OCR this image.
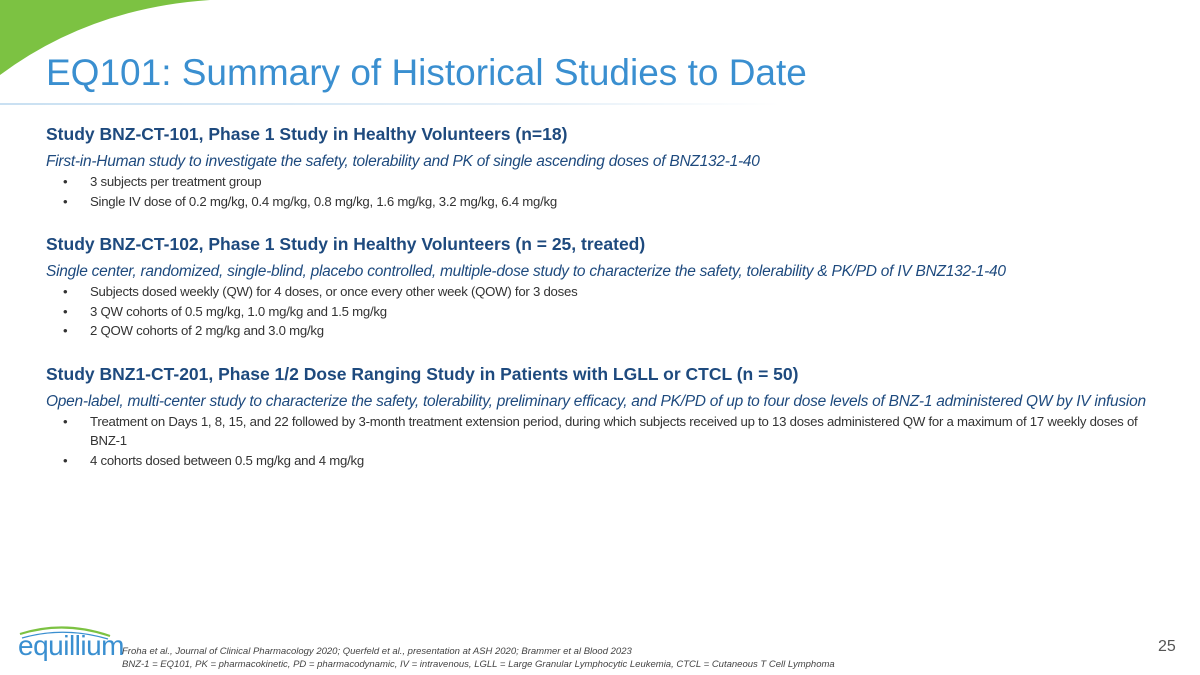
EQ101: Summary of Historical Studies to Date
Study BNZ-CT-101, Phase 1 Study in Healthy Volunteers (n=18)
First-in-Human study to investigate the safety, tolerability and PK of single ascending doses of BNZ132-1-40
• 3 subjects per treatment group
• Single IV dose of 0.2 mg/kg, 0.4 mg/kg, 0.8 mg/kg, 1.6 mg/kg, 3.2 mg/kg, 6.4 mg/kg
Study BNZ-CT-102, Phase 1 Study in Healthy Volunteers (n = 25, treated)
Single center, randomized, single-blind, placebo controlled, multiple-dose study to characterize the safety, tolerability & PK/PD of IV BNZ132-1-40
• Subjects dosed weekly (QW) for 4 doses, or once every other week (QOW) for 3 doses
• 3 QW cohorts of 0.5 mg/kg, 1.0 mg/kg and 1.5 mg/kg
• 2 QOW cohorts of 2 mg/kg and 3.0 mg/kg
Study BNZ1-CT-201, Phase 1/2 Dose Ranging Study in Patients with LGLL or CTCL (n = 50)
Open-label, multi-center study to characterize the safety, tolerability, preliminary efficacy, and PK/PD of up to four dose levels of BNZ-1 administered QW by IV infusion
• Treatment on Days 1, 8, 15, and 22 followed by 3-month treatment extension period, during which subjects received up to 13 doses administered QW for a maximum of 17 weekly doses of BNZ-1
• 4 cohorts dosed between 0.5 mg/kg and 4 mg/kg
equillium
Froha et al., Journal of Clinical Pharmacology 2020; Querfeld et al., presentation at ASH 2020; Brammer et al Blood 2023
BNZ-1 = EQ101, PK = pharmacokinetic, PD = pharmacodynamic, IV = intravenous, LGLL = Large Granular Lymphocytic Leukemia, CTCL = Cutaneous T Cell Lymphoma
25
